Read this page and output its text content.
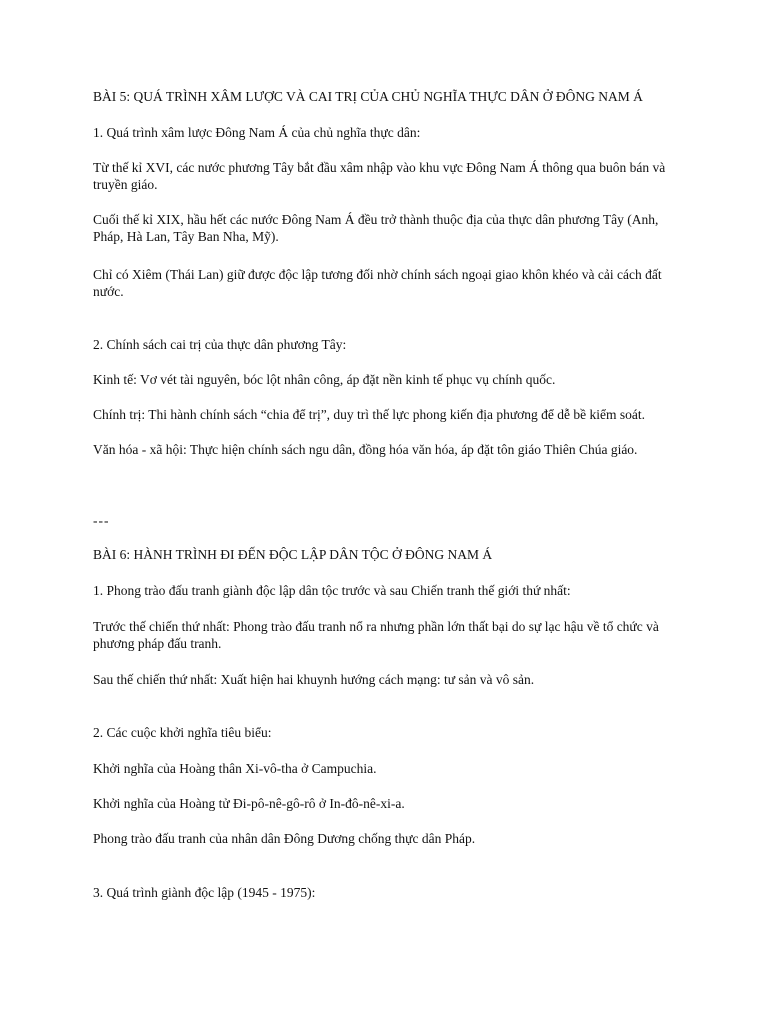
BÀI 5: QUÁ TRÌNH XÂM LƯỢC VÀ CAI TRỊ CỦA CHỦ NGHĨA THỰC DÂN Ở ĐÔNG NAM Á

1. Quá trình xâm lược Đông Nam Á của chủ nghĩa thực dân:

Từ thế kỉ XVI, các nước phương Tây bắt đầu xâm nhập vào khu vực Đông Nam Á thông qua buôn bán và truyền giáo.

Cuối thế kỉ XIX, hầu hết các nước Đông Nam Á đều trở thành thuộc địa của thực dân phương Tây (Anh, Pháp, Hà Lan, Tây Ban Nha, Mỹ).

Chỉ có Xiêm (Thái Lan) giữ được độc lập tương đối nhờ chính sách ngoại giao khôn khéo và cải cách đất nước.

2. Chính sách cai trị của thực dân phương Tây:

Kinh tế: Vơ vét tài nguyên, bóc lột nhân công, áp đặt nền kinh tế phục vụ chính quốc.

Chính trị: Thi hành chính sách “chia để trị”, duy trì thế lực phong kiến địa phương để dễ bề kiểm soát.

Văn hóa - xã hội: Thực hiện chính sách ngu dân, đồng hóa văn hóa, áp đặt tôn giáo Thiên Chúa giáo.

---

BÀI 6: HÀNH TRÌNH ĐI ĐẾN ĐỘC LẬP DÂN TỘC Ở ĐÔNG NAM Á

1. Phong trào đấu tranh giành độc lập dân tộc trước và sau Chiến tranh thế giới thứ nhất:

Trước thế chiến thứ nhất: Phong trào đấu tranh nổ ra nhưng phần lớn thất bại do sự lạc hậu về tổ chức và phương pháp đấu tranh.

Sau thế chiến thứ nhất: Xuất hiện hai khuynh hướng cách mạng: tư sản và vô sản.

2. Các cuộc khởi nghĩa tiêu biểu:

Khởi nghĩa của Hoàng thân Xi-vô-tha ở Campuchia.

Khởi nghĩa của Hoàng tử Đi-pô-nê-gô-rô ở In-đô-nê-xi-a.

Phong trào đấu tranh của nhân dân Đông Dương chống thực dân Pháp.

3. Quá trình giành độc lập (1945 - 1975):
